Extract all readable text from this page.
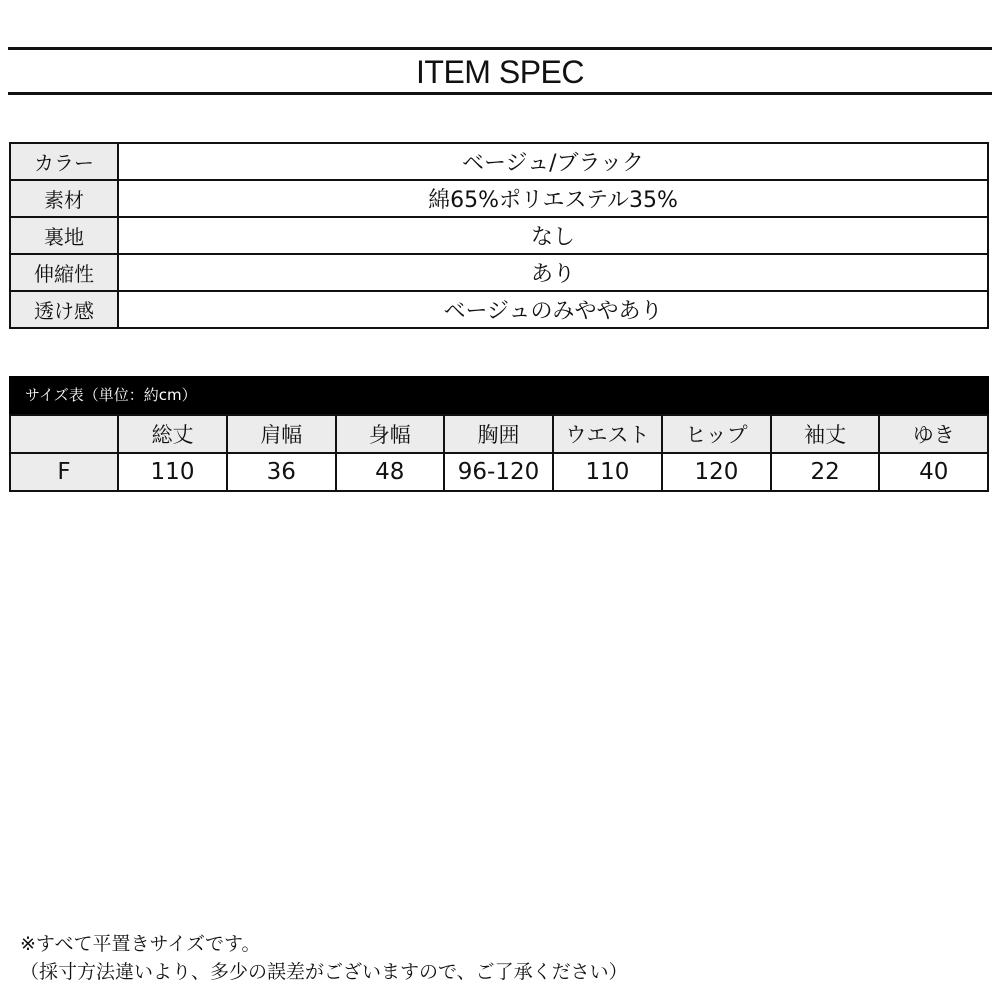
ITEM SPEC
カラー	ベージュ/ブラック
素材	綿65%ポリエステル35%
裏地	なし
伸縮性	あり
透け感	ベージュのみややあり
サイズ表（単位：約cm）
	総丈	肩幅	身幅	胸囲	ウエスト	ヒップ	袖丈	ゆき
F	110	36	48	96-120	110	120	22	40
※すべて平置きサイズです。
（採寸方法違いより、多少の誤差がございますので、ご了承ください）
